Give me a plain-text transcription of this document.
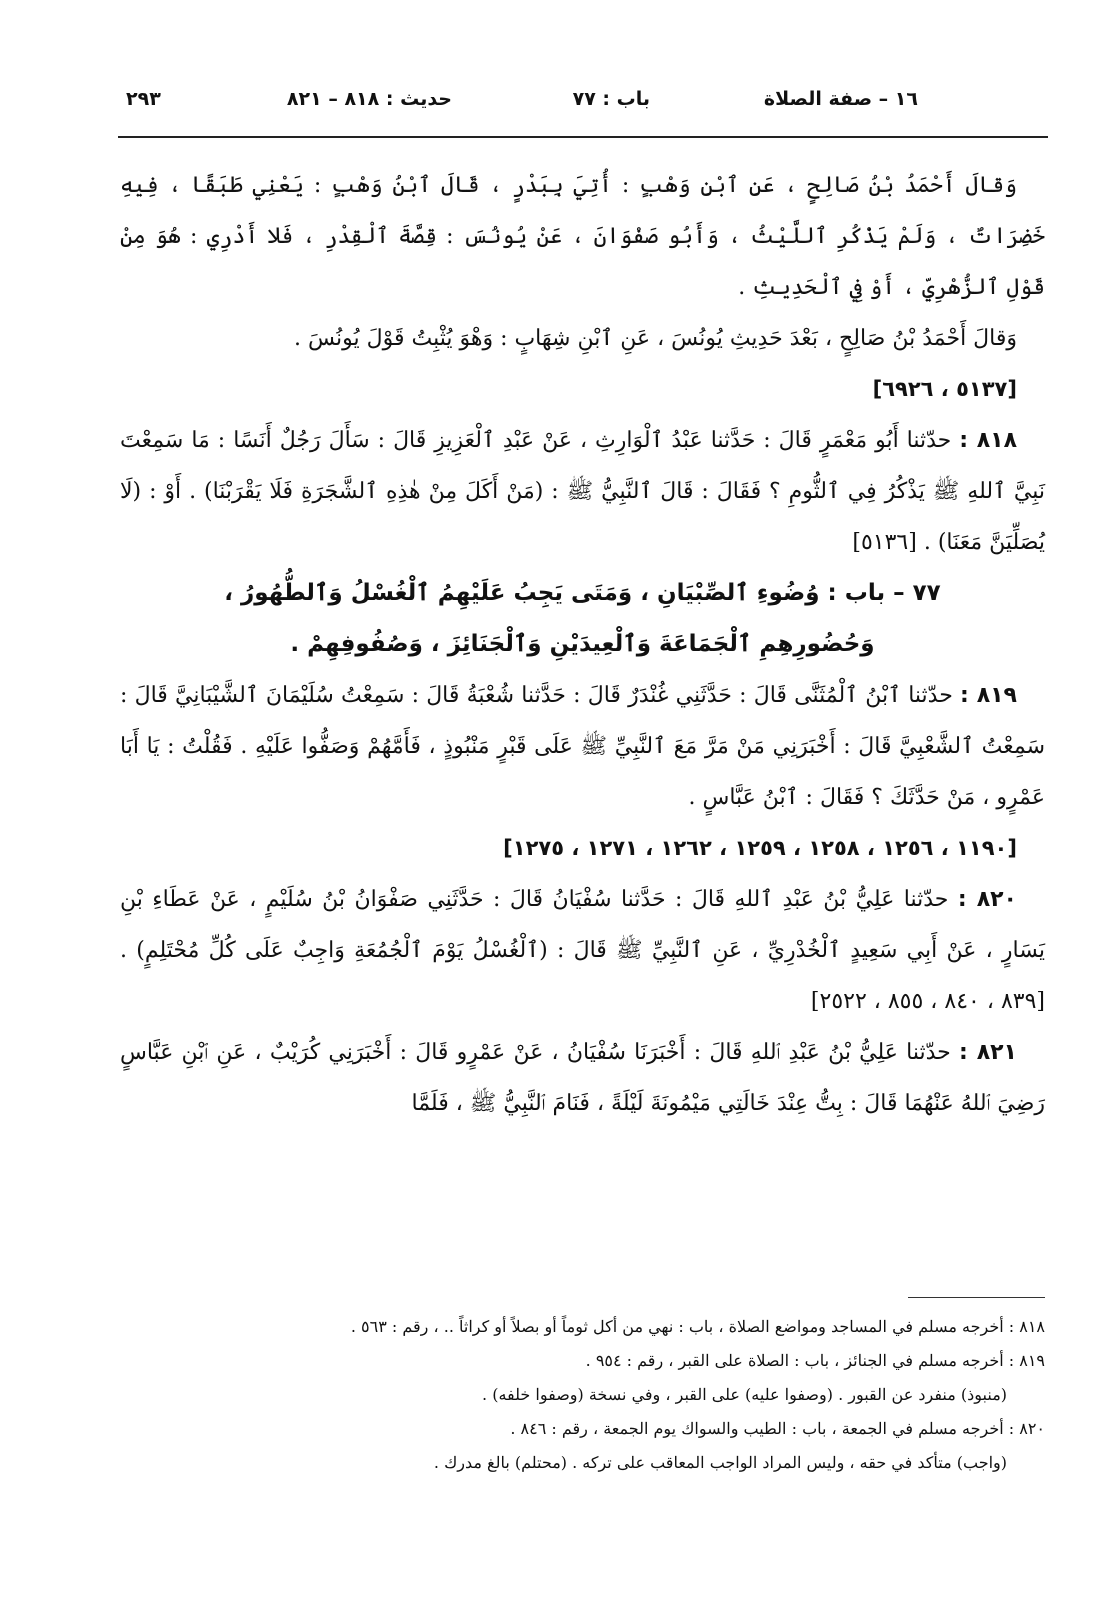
١٦ – صفة الصلاة
باب : ٧٧
حديث : ٨١٨ – ٨٢١
٢٩٣

وَقالَ أَحْمَدُ بْنُ صَالِحٍ ، عَنِ ٱبْنِ وَهْبٍ : أُتِيَ بِبَدْرٍ ، قَالَ ٱبْنُ وَهْبٍ : يَعْنِي طَبَقًا ، فِيهِ خَضِرَاتٌ ، وَلَمْ يَذْكُرِ ٱللَّيْثُ ، وَأَبُو صَفْوَانَ ، عَنْ يُونُسَ : قِصَّةَ ٱلْقِدْرِ ، فَلا أَدْرِي : هُوَ مِنْ قَوْلِ ٱلزُّهْرِيِّ ، أَوْ فِي ٱلْحَدِيثِ .

وَقالَ أَحْمَدُ بْنُ صَالِحٍ ، بَعْدَ حَدِيثِ يُونُسَ ، عَنِ ٱبْنِ شِهَابٍ : وَهْوَ يُثْبِتُ قَوْلَ يُونُسَ .

[٥١٣٧ ، ٦٩٢٦]

٨١٨ : حدّثنا أَبُو مَعْمَرٍ قَالَ : حَدَّثنا عَبْدُ ٱلْوَارِثِ ، عَنْ عَبْدِ ٱلْعَزِيزِ قَالَ : سَأَلَ رَجُلٌ أَنَسًا : مَا سَمِعْتَ نَبِيَّ ٱللهِ ﷺ يَذْكُرُ فِي ٱلثُّومِ ؟ فَقَالَ : قَالَ ٱلنَّبِيُّ ﷺ : (مَنْ أَكَلَ مِنْ هٰذِهِ ٱلشَّجَرَةِ فَلَا يَقْرَبْنَا) . أَوْ : (لَا يُصَلِّيَنَّ مَعَنَا) . [٥١٣٦]

٧٧ – باب : وُضُوءِ ٱلصِّبْيَانِ ، وَمَتَى يَجِبُ عَلَيْهِمُ ٱلْغُسْلُ وَٱلطُّهُورُ ،
وَحُضُورِهِمِ ٱلْجَمَاعَةَ وَٱلْعِيدَيْنِ وَٱلْجَنَائِزَ ، وَصُفُوفِهِمْ .

٨١٩ : حدّثنا ٱبْنُ ٱلْمُثَنَّى قَالَ : حَدَّثَنِي غُنْدَرٌ قَالَ : حَدَّثنا شُعْبَةُ قَالَ : سَمِعْتُ سُلَيْمَانَ ٱلشَّيْبَانِيَّ قَالَ : سَمِعْتُ ٱلشَّعْبِيَّ قَالَ : أَخْبَرَنِي مَنْ مَرَّ مَعَ ٱلنَّبِيِّ ﷺ عَلَى قَبْرٍ مَنْبُوذٍ ، فَأَمَّهُمْ وَصَفُّوا عَلَيْهِ . فَقُلْتُ : يَا أَبَا عَمْرٍو ، مَنْ حَدَّثَكَ ؟ فَقَالَ : ٱبْنُ عَبَّاسٍ .

[١١٩٠ ، ١٢٥٦ ، ١٢٥٨ ، ١٢٥٩ ، ١٢٦٢ ، ١٢٧١ ، ١٢٧٥]

٨٢٠ : حدّثنا عَلِيُّ بْنُ عَبْدِ ٱللهِ قَالَ : حَدَّثنا سُفْيَانُ قَالَ : حَدَّثَنِي صَفْوَانُ بْنُ سُلَيْمٍ ، عَنْ عَطَاءِ بْنِ يَسَارٍ ، عَنْ أَبِي سَعِيدٍ ٱلْخُدْرِيِّ ، عَنِ ٱلنَّبِيِّ ﷺ قَالَ : (ٱلْغُسْلُ يَوْمَ ٱلْجُمُعَةِ وَاجِبٌ عَلَى كُلِّ مُحْتَلِمٍ) . [٨٣٩ ، ٨٤٠ ، ٨٥٥ ، ٢٥٢٢]

٨٢١ : حدّثنا عَلِيُّ بْنُ عَبْدِ ٱللهِ قَالَ : أَخْبَرَنَا سُفْيَانُ ، عَنْ عَمْرٍو قَالَ : أَخْبَرَنِي كُرَيْبٌ ، عَنِ ٱبْنِ عَبَّاسٍ رَضِيَ ٱللهُ عَنْهُمَا قَالَ : بِتُّ عِنْدَ خَالَتِي مَيْمُونَةَ لَيْلَةً ، فَنَامَ ٱلنَّبِيُّ ﷺ ، فَلَمَّا

٨١٨ : أخرجه مسلم في المساجد ومواضع الصلاة ، باب : نهي من أكل ثوماً أو بصلاً أو كراثاً .. ، رقم : ٥٦٣ .

٨١٩ : أخرجه مسلم في الجنائز ، باب : الصلاة على القبر ، رقم : ٩٥٤ .

(منبوذ) منفرد عن القبور . (وصفوا عليه) على القبر ، وفي نسخة (وصفوا خلفه) .

٨٢٠ : أخرجه مسلم في الجمعة ، باب : الطيب والسواك يوم الجمعة ، رقم : ٨٤٦ .

(واجب) متأكد في حقه ، وليس المراد الواجب المعاقب على تركه . (محتلم) بالغ مدرك .
